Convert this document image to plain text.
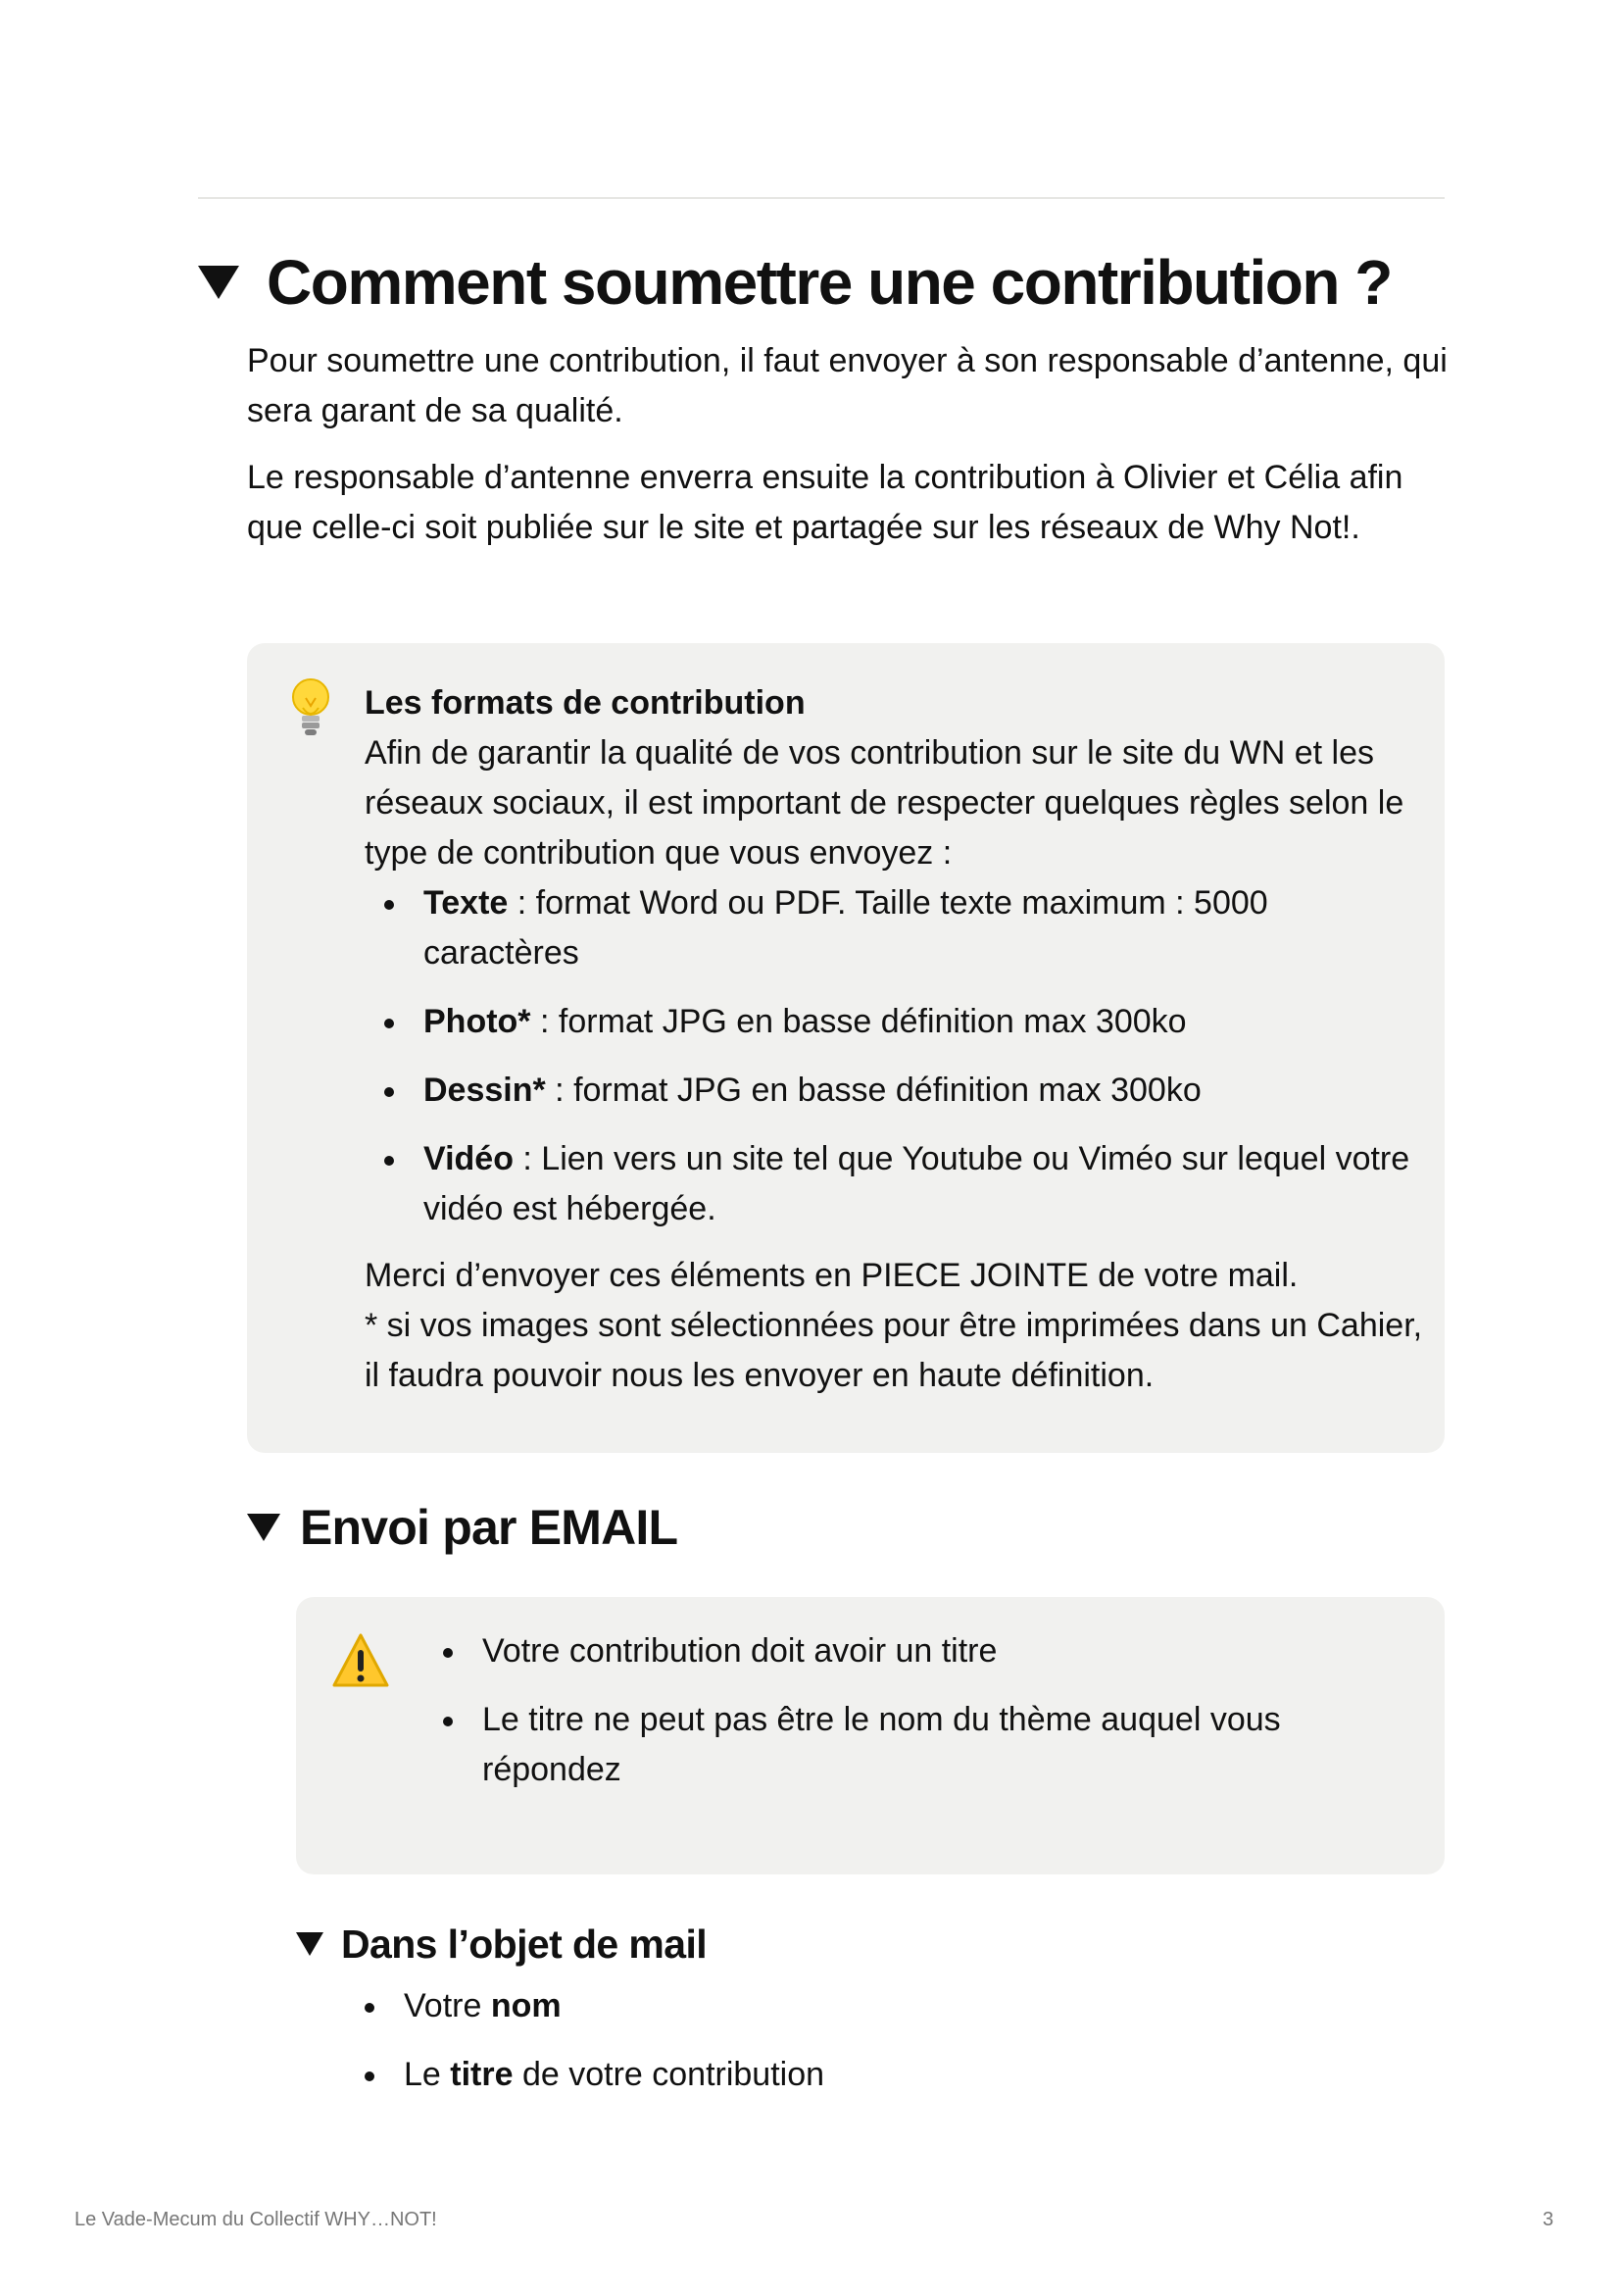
Comment soumettre une contribution ?

Pour soumettre une contribution, il faut envoyer à son responsable d’antenne, qui sera garant de sa qualité.

Le responsable d’antenne enverra ensuite la contribution à Olivier et Célia afin que celle-ci soit publiée sur le site et partagée sur les réseaux de Why Not!.

Les formats de contribution

Afin de garantir la qualité de vos contribution sur le site du WN et les réseaux sociaux, il est important de respecter quelques règles selon le type de contribution que vous envoyez :

Texte : format Word ou PDF. Taille texte maximum : 5000 caractères
Photo* : format JPG en basse définition max 300ko
Dessin* : format JPG en basse définition max 300ko
Vidéo : Lien vers un site tel que Youtube ou Viméo sur lequel votre vidéo est hébergée.
Merci d’envoyer ces éléments en PIECE JOINTE de votre mail.
* si vos images sont sélectionnées pour être imprimées dans un Cahier, il faudra pouvoir nous les envoyer en haute définition.
Envoi par EMAIL
Votre contribution doit avoir un titre
Le titre ne peut pas être le nom du thème auquel vous répondez
Dans l’objet de mail
Votre nom
Le titre de votre contribution
Le Vade-Mecum du Collectif WHY…NOT!	3
